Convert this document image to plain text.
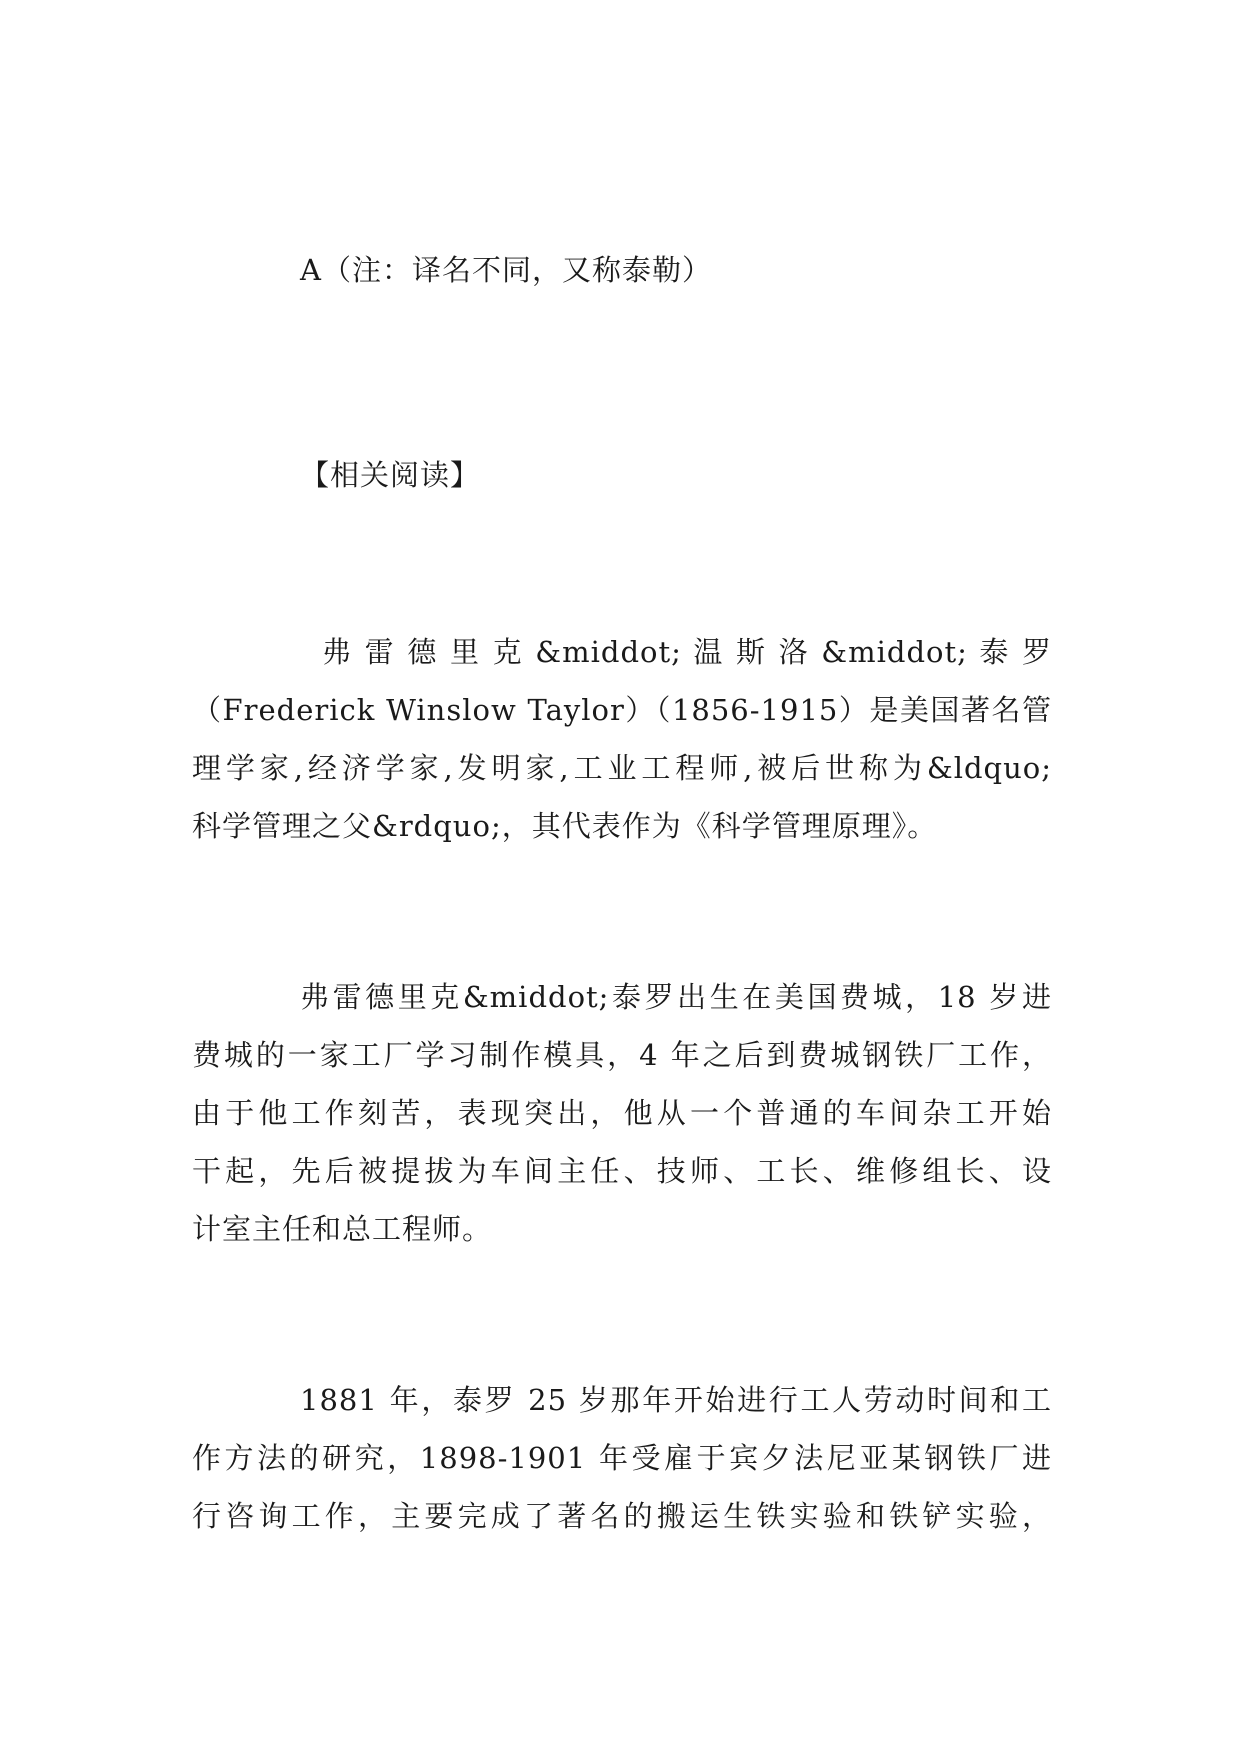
A（注：译名不同，又称泰勒）
【相关阅读】
弗 雷 德 里 克 &middot; 温 斯 洛 &middot; 泰 罗
（Frederick Winslow Taylor）（1856-1915）是美国著名管
理学家,经济学家,发明家,工业工程师,被后世称为&ldquo;
科学管理之父&rdquo;，其代表作为《科学管理原理》。
弗雷德里克&middot;泰罗出生在美国费城，18 岁进
费城的一家工厂学习制作模具，4 年之后到费城钢铁厂工作，
由于他工作刻苦，表现突出，他从一个普通的车间杂工开始
干起，先后被提拔为车间主任、技师、工长、维修组长、设
计室主任和总工程师。
1881 年，泰罗 25 岁那年开始进行工人劳动时间和工
作方法的研究，1898-1901 年受雇于宾夕法尼亚某钢铁厂进
行咨询工作，主要完成了著名的搬运生铁实验和铁铲实验，
